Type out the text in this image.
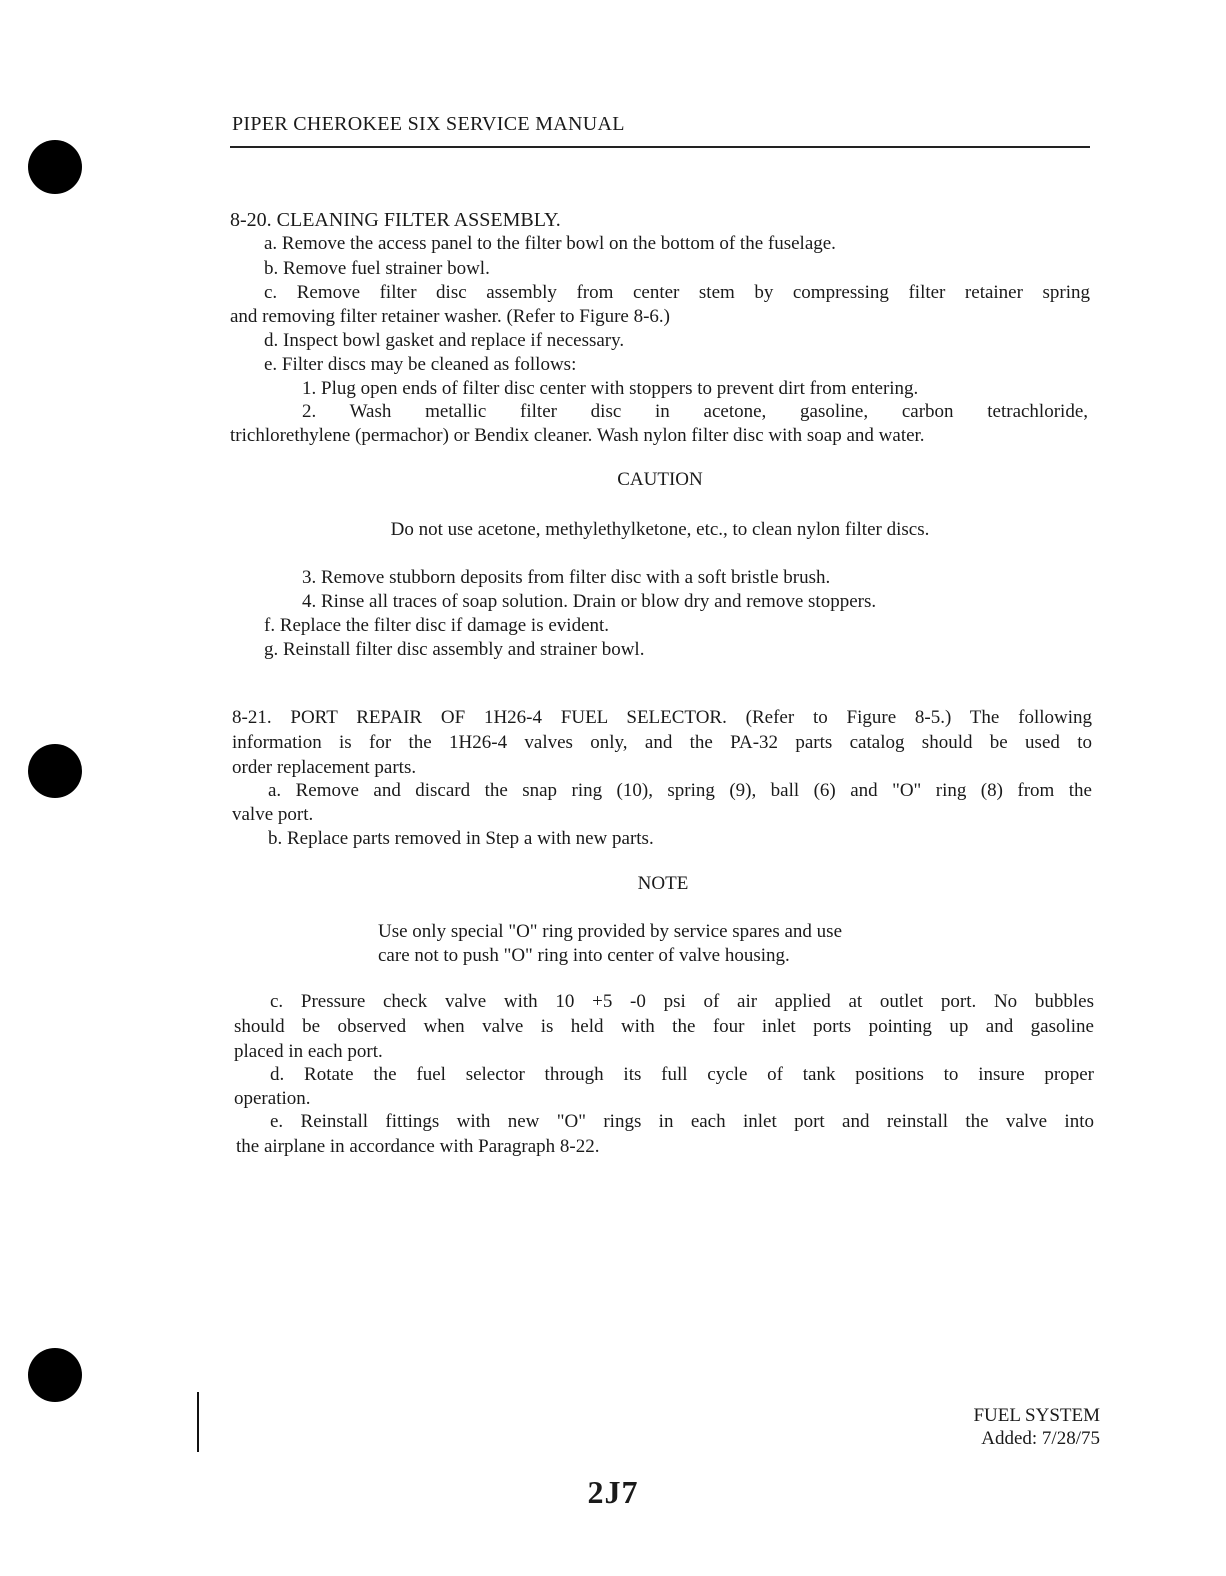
PIPER CHEROKEE SIX SERVICE MANUAL
8-20. CLEANING FILTER ASSEMBLY.
a. Remove the access panel to the filter bowl on the bottom of the fuselage.
b. Remove fuel strainer bowl.
c. Remove filter disc assembly from center stem by compressing filter retainer spring
and removing filter retainer washer. (Refer to Figure 8-6.)
d. Inspect bowl gasket and replace if necessary.
e. Filter discs may be cleaned as follows:
1. Plug open ends of filter disc center with stoppers to prevent dirt from entering.
2. Wash metallic filter disc in acetone, gasoline, carbon tetrachloride,
trichlorethylene (permachor) or Bendix cleaner. Wash nylon filter disc with soap and water.
CAUTION
Do not use acetone, methylethylketone, etc., to clean nylon filter discs.
3. Remove stubborn deposits from filter disc with a soft bristle brush.
4. Rinse all traces of soap solution. Drain or blow dry and remove stoppers.
f. Replace the filter disc if damage is evident.
g. Reinstall filter disc assembly and strainer bowl.
8-21. PORT REPAIR OF 1H26-4 FUEL SELECTOR. (Refer to Figure 8-5.) The following
information is for the 1H26-4 valves only, and the PA-32 parts catalog should be used to
order replacement parts.
a. Remove and discard the snap ring (10), spring (9), ball (6) and "O" ring (8) from the
valve port.
b. Replace parts removed in Step a with new parts.
NOTE
Use only special "O" ring provided by service spares and use
care not to push "O" ring into center of valve housing.
c. Pressure check valve with 10 +5 -0 psi of air applied at outlet port. No bubbles
should be observed when valve is held with the four inlet ports pointing up and gasoline
placed in each port.
d. Rotate the fuel selector through its full cycle of tank positions to insure proper
operation.
e. Reinstall fittings with new "O" rings in each inlet port and reinstall the valve into
the airplane in accordance with Paragraph 8-22.
FUEL SYSTEM
Added: 7/28/75
2J7
